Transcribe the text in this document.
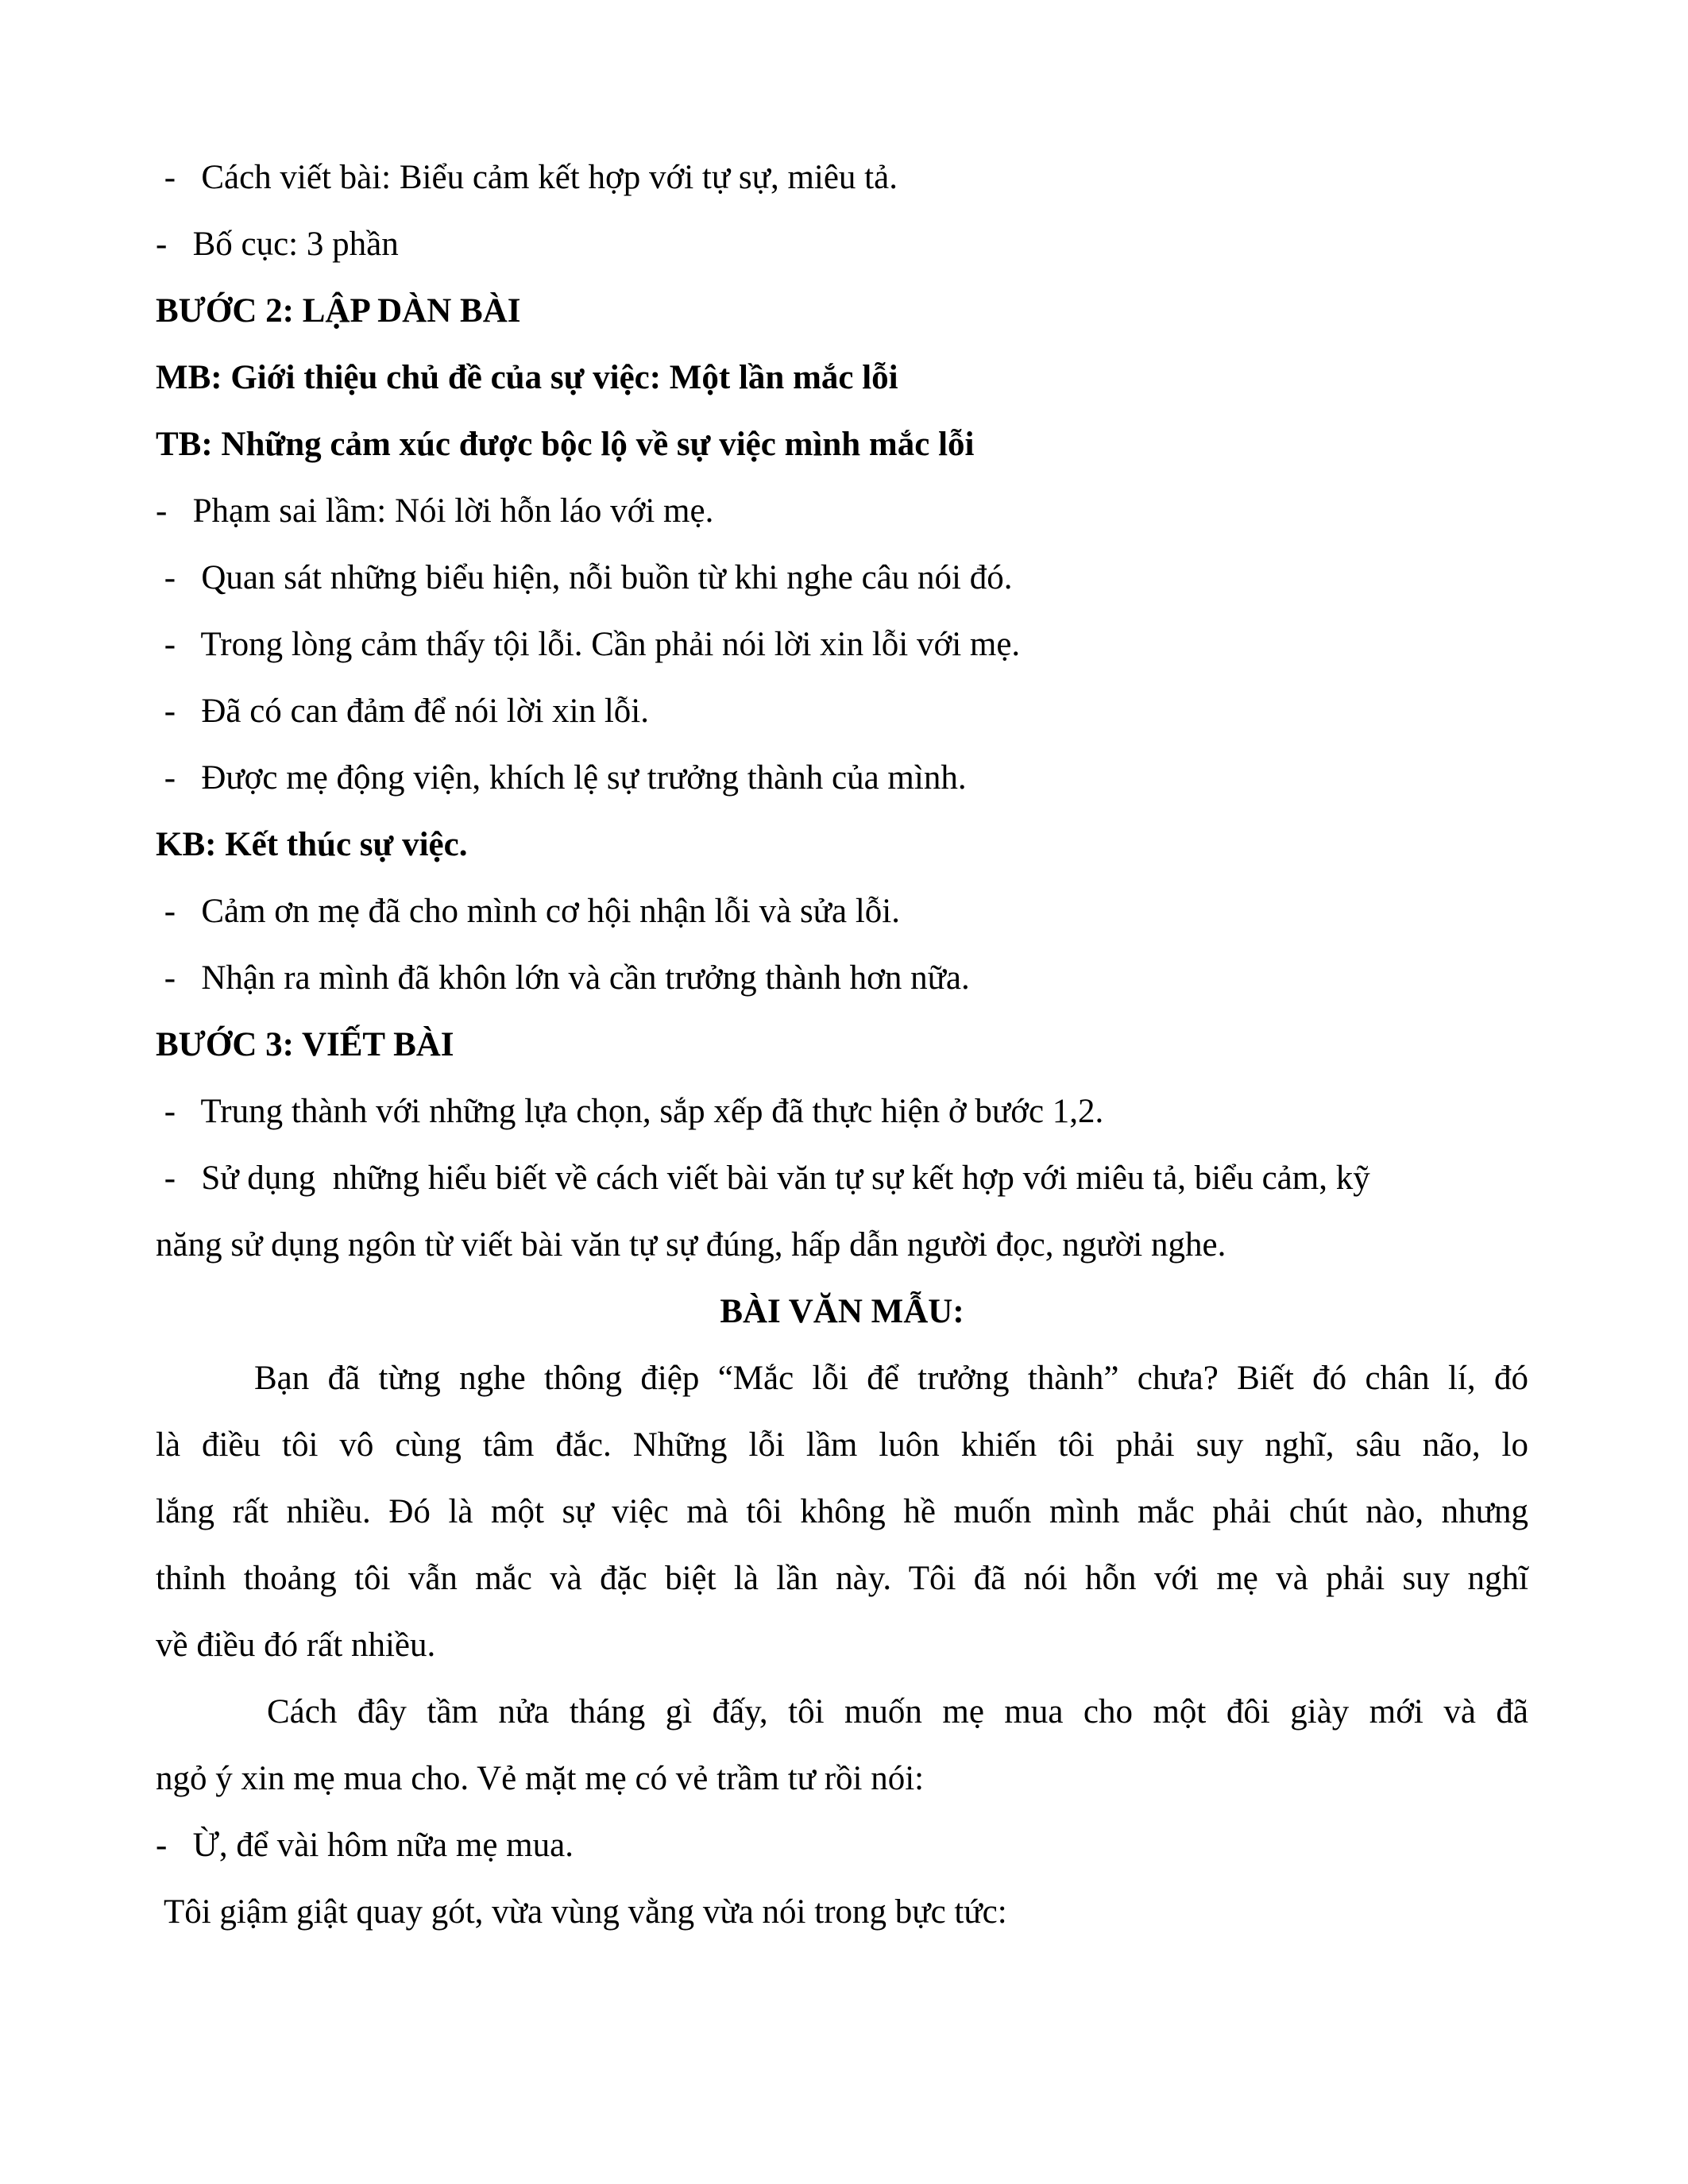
-   Cách viết bài: Biểu cảm kết hợp với tự sự, miêu tả.
-   Bố cục: 3 phần
BƯỚC 2: LẬP DÀN BÀI
MB: Giới thiệu chủ đề của sự việc: Một lần mắc lỗi
TB: Những cảm xúc được bộc lộ về sự việc mình mắc lỗi
-   Phạm sai lầm: Nói lời hỗn láo với mẹ.
-   Quan sát những biểu hiện, nỗi buồn từ khi nghe câu nói đó.
-   Trong lòng cảm thấy tội lỗi. Cần phải nói lời xin lỗi với mẹ.
-   Đã có can đảm để nói lời xin lỗi.
-   Được mẹ động viện, khích lệ sự trưởng thành của mình.
KB: Kết thúc sự việc.
-   Cảm ơn mẹ đã cho mình cơ hội nhận lỗi và sửa lỗi.
-   Nhận ra mình đã khôn lớn và cần trưởng thành hơn nữa.
BƯỚC 3: VIẾT BÀI
-   Trung thành với những lựa chọn, sắp xếp đã thực hiện ở bước 1,2.
-   Sử dụng  những hiểu biết về cách viết bài văn tự sự kết hợp với miêu tả, biểu cảm, kỹ
năng sử dụng ngôn từ viết bài văn tự sự đúng, hấp dẫn người đọc, người nghe.
BÀI VĂN MẪU:
Bạn đã từng nghe thông điệp “Mắc lỗi để trưởng thành” chưa? Biết đó chân lí, đó
là điều tôi vô cùng tâm đắc. Những lỗi lầm luôn khiến tôi phải suy nghĩ, sâu não, lo
lắng rất nhiều. Đó là một sự việc mà tôi không hề muốn mình mắc phải chút nào, nhưng
thỉnh thoảng tôi vẫn mắc và đặc biệt là lần này. Tôi đã nói hỗn với mẹ và phải suy nghĩ
về điều đó rất nhiều.
Cách đây tầm nửa tháng gì đấy, tôi muốn mẹ mua cho một đôi giày mới và đã
ngỏ ý xin mẹ mua cho. Vẻ mặt mẹ có vẻ trầm tư rồi nói:
-   Ừ, để vài hôm nữa mẹ mua.
Tôi giậm giật quay gót, vừa vùng vằng vừa nói trong bực tức:
